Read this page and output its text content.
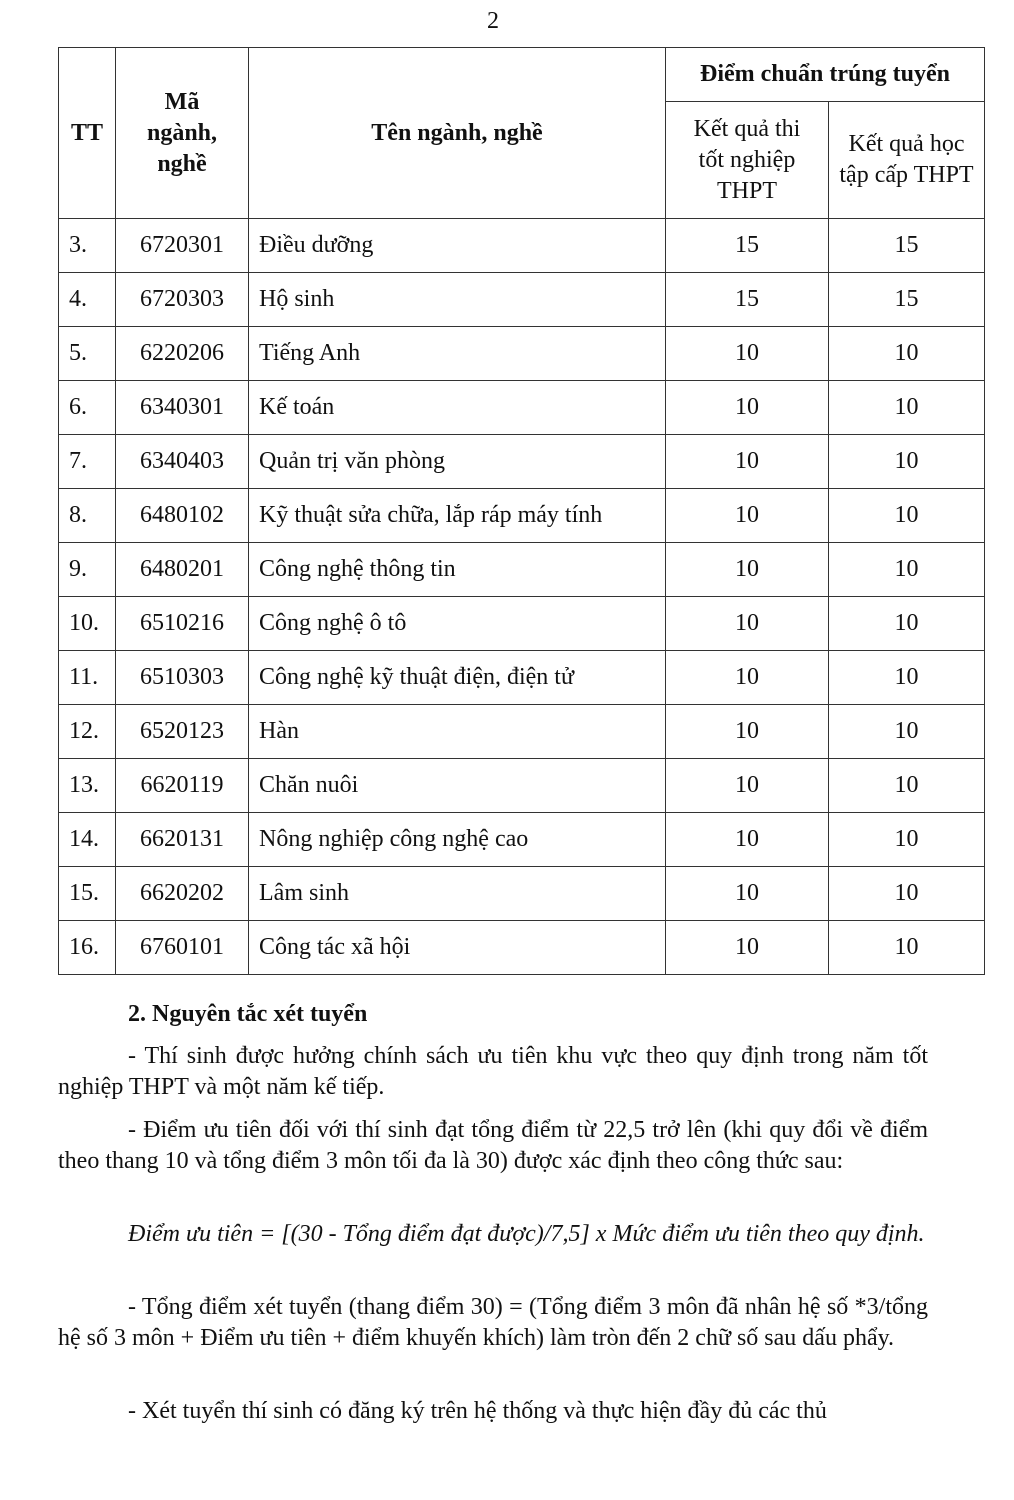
2
TT	Mã ngành, nghề	Tên ngành, nghề	Điểm chuẩn trúng tuyển	
			Kết quả thi tốt nghiệp THPT	Kết quả học tập cấp THPT
3.	6720301	Điều dưỡng	15	15
4.	6720303	Hộ sinh	15	15
5.	6220206	Tiếng Anh	10	10
6.	6340301	Kế toán	10	10
7.	6340403	Quản trị văn phòng	10	10
8.	6480102	Kỹ thuật sửa chữa, lắp ráp máy tính	10	10
9.	6480201	Công nghệ thông tin	10	10
10.	6510216	Công nghệ ô tô	10	10
11.	6510303	Công nghệ kỹ thuật điện, điện tử	10	10
12.	6520123	Hàn	10	10
13.	6620119	Chăn nuôi	10	10
14.	6620131	Nông nghiệp công nghệ cao	10	10
15.	6620202	Lâm sinh	10	10
16.	6760101	Công tác xã hội	10	10
2. Nguyên tắc xét tuyển
- Thí sinh được hưởng chính sách ưu tiên khu vực theo quy định trong năm tốt nghiệp THPT và một năm kế tiếp.
- Điểm ưu tiên đối với thí sinh đạt tổng điểm từ 22,5 trở lên (khi quy đổi về điểm theo thang 10 và tổng điểm 3 môn tối đa là 30) được xác định theo công thức sau:
Điểm ưu tiên = [(30 - Tổng điểm đạt được)/7,5] x Mức điểm ưu tiên theo quy định.
- Tổng điểm xét tuyển (thang điểm 30) = (Tổng điểm 3 môn đã nhân hệ số *3/tổng hệ số 3 môn + Điểm ưu tiên + điểm khuyến khích) làm tròn đến 2 chữ số sau dấu phẩy.
- Xét tuyển thí sinh có đăng ký trên hệ thống và thực hiện đầy đủ các thủ
